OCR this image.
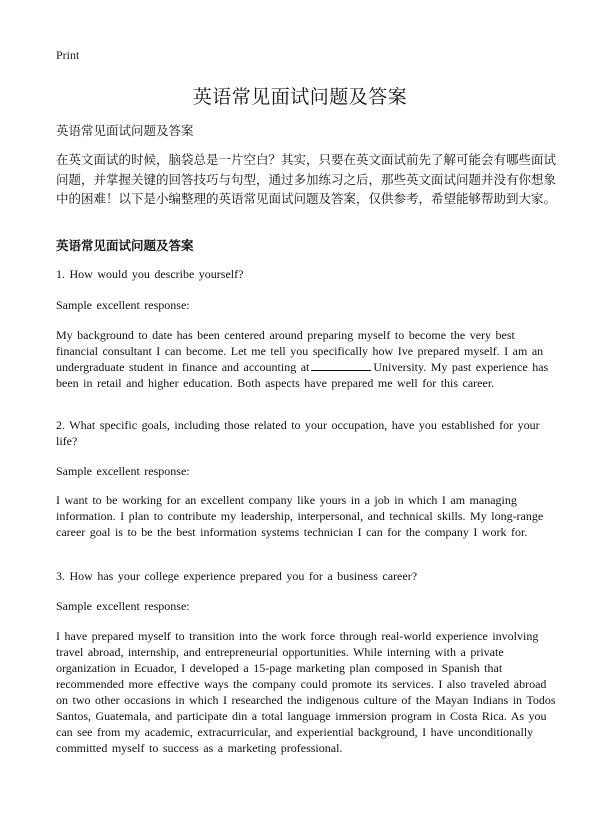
Print
英语常见面试问题及答案
英语常见面试问题及答案
在英文面试的时候，脑袋总是一片空白？其实，只要在英文面试前先了解可能会有哪些面试问题，并掌握关键的回答技巧与句型，通过多加练习之后，那些英文面试问题并没有你想象中的困难！以下是小编整理的英语常见面试问题及答案，仅供参考，希望能够帮助到大家。
英语常见面试问题及答案
1. How would you describe yourself?
Sample excellent response:
My background to date has been centered around preparing myself to become the very best financial consultant I can become. Let me tell you specifically how Ive prepared myself. I am an undergraduate student in finance and accounting at	University. My past experience has been in retail and higher education. Both aspects have prepared me well for this career.
2. What specific goals, including those related to your occupation, have you established for your life?
Sample excellent response:
I want to be working for an excellent company like yours in a job in which I am managing information. I plan to contribute my leadership, interpersonal, and technical skills. My long-range career goal is to be the best information systems technician I can for the company I work for.
3. How has your college experience prepared you for a business career?
Sample excellent response:
I have prepared myself to transition into the work force through real-world experience involving travel abroad, internship, and entrepreneurial opportunities. While interning with a private organization in Ecuador, I developed a 15-page marketing plan composed in Spanish that recommended more effective ways the company could promote its services. I also traveled abroad on two other occasions in which I researched the indigenous culture of the Mayan Indians in Todos Santos, Guatemala, and participate din a total language immersion program in Costa Rica. As you can see from my academic, extracurricular, and experiential background, I have unconditionally committed myself to success as a marketing professional.
